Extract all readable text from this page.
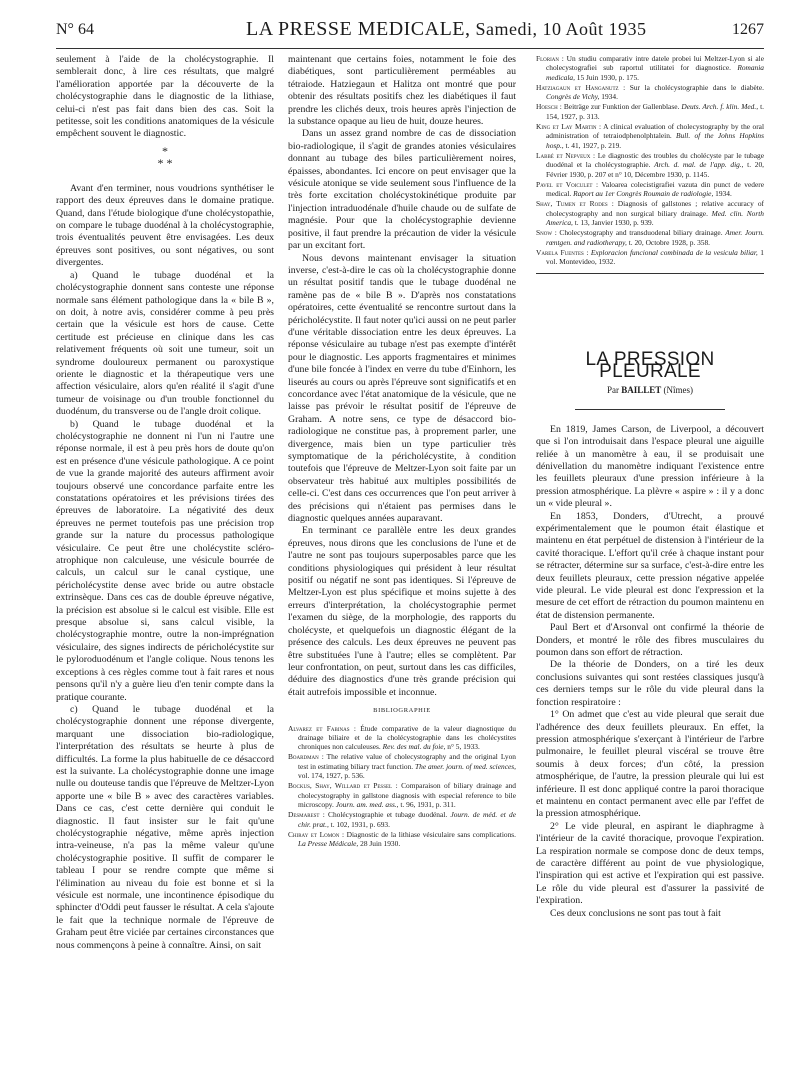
N° 64	LA PRESSE MEDICALE, Samedi, 10 Août 1935	1267

seulement à l'aide de la cholécystographie. Il semblerait donc, à lire ces résultats, que malgré l'amélioration apportée par la découverte de la cholécystographie dans le diagnostic de la lithiase, celui-ci n'est pas fait dans bien des cas. Soit la petitesse, soit les conditions anatomiques de la vésicule empêchent souvent le diagnostic.

*
* *

Avant d'en terminer, nous voudrions synthétiser le rapport des deux épreuves dans le domaine pratique. Quand, dans l'étude biologique d'une cholécystopathie, on compare le tubage duodénal à la cholécystographie, trois éventualités peuvent être envisagées. Les deux épreuves sont positives, ou sont négatives, ou sont divergentes.

a) Quand le tubage duodénal et la cholécystographie donnent sans conteste une réponse normale sans élément pathologique dans la « bile B », on doit, à notre avis, considérer comme à peu près certain que la vésicule est hors de cause. Cette certitude est précieuse en clinique dans les cas relativement fréquents où soit une tumeur, soit un syndrome douloureux permanent ou paroxystique oriente le diagnostic et la thérapeutique vers une affection vésiculaire, alors qu'en réalité il s'agit d'une tumeur de voisinage ou d'un trouble fonctionnel du duodénum, du transverse ou de l'angle droit colique.

b) Quand le tubage duodénal et la cholécystographie ne donnent ni l'un ni l'autre une réponse normale, il est à peu près hors de doute qu'on est en présence d'une vésicule pathologique. A ce point de vue la grande majorité des auteurs affirment avoir toujours observé une concordance parfaite entre les constatations opératoires et les prévisions tirées des épreuves de laboratoire. La négativité des deux épreuves ne permet toutefois pas une précision trop grande sur la nature du processus pathologique vésiculaire. Ce peut être une cholécystite scléro-atrophique non calculeuse, une vésicule bourrée de calculs, un calcul sur le canal cystique, une péricholécystite dense avec bride ou autre obstacle extrinsèque. Dans ces cas de double épreuve négative, la précision est absolue si le calcul est visible. Elle est presque absolue si, sans calcul visible, la cholécystographie montre, outre la non-imprégnation vésiculaire, des signes indirects de péricholécystite sur le pyloroduodénum et l'angle colique. Nous tenons les exceptions à ces règles comme tout à fait rares et nous pensons qu'il n'y a guère lieu d'en tenir compte dans la pratique courante.

c) Quand le tubage duodénal et la cholécystographie donnent une réponse divergente, marquant une dissociation bio-radiologique, l'interprétation des résultats se heurte à plus de difficultés. La forme la plus habituelle de ce désaccord est la suivante. La cholécystographie donne une image nulle ou douteuse tandis que l'épreuve de Meltzer-Lyon apporte une « bile B » avec des caractères variables. Dans ce cas, c'est cette dernière qui conduit le diagnostic. Il faut insister sur le fait qu'une cholécystographie négative, même après injection intra-veineuse, n'a pas la même valeur qu'une cholécystographie positive. Il suffit de comparer le tableau I pour se rendre compte que même si l'élimination au niveau du foie est bonne et si la vésicule est normale, une incontinence épisodique du sphincter d'Oddi peut fausser le résultat. A cela s'ajoute le fait que la technique normale de l'épreuve de Graham peut être viciée par certaines circonstances que nous commençons à peine à connaître. Ainsi, on sait

maintenant que certains foies, notamment le foie des diabétiques, sont particulièrement perméables au tétraiode. Hatziegaun et Halitza ont montré que pour obtenir des résultats positifs chez les diabétiques il faut prendre les clichés deux, trois heures après l'injection de la substance opaque au lieu de huit, douze heures.

Dans un assez grand nombre de cas de dissociation bio-radiologique, il s'agit de grandes atonies vésiculaires donnant au tubage des biles particulièrement noires, épaisses, abondantes. Ici encore on peut envisager que la vésicule atonique se vide seulement sous l'influence de la très forte excitation cholécystokinétique produite par l'injection intraduodénale d'huile chaude ou de sulfate de magnésie. Pour que la cholécystographie devienne positive, il faut prendre la précaution de vider la vésicule par un excitant fort.

Nous devons maintenant envisager la situation inverse, c'est-à-dire le cas où la cholécystographie donne un résultat positif tandis que le tubage duodénal ne ramène pas de « bile B ». D'après nos constatations opératoires, cette éventualité se rencontre surtout dans la péricholécystite. Il faut noter qu'ici aussi on ne peut parler d'une véritable dissociation entre les deux épreuves. La réponse vésiculaire au tubage n'est pas exempte d'intérêt pour le diagnostic. Les apports fragmentaires et minimes d'une bile foncée à l'index en verre du tube d'Einhorn, les liseurés au cours ou après l'épreuve sont significatifs et en concordance avec l'état anatomique de la vésicule, que ne laisse pas prévoir le résultat positif de l'épreuve de Graham. A notre sens, ce type de désaccord bio-radiologique ne constitue pas, à proprement parler, une divergence, mais bien un type particulier très symptomatique de la péricholécystite, à condition toutefois que l'épreuve de Meltzer-Lyon soit faite par un observateur très habitué aux multiples possibilités de celle-ci. C'est dans ces occurrences que l'on peut arriver à des précisions qui n'étaient pas permises dans le diagnostic quelques années auparavant.

En terminant ce parallèle entre les deux grandes épreuves, nous dirons que les conclusions de l'une et de l'autre ne sont pas toujours superposables parce que les conditions physiologiques qui président à leur résultat positif ou négatif ne sont pas identiques. Si l'épreuve de Meltzer-Lyon est plus spécifique et moins sujette à des erreurs d'interprétation, la cholécystographie permet l'examen du siège, de la morphologie, des rapports du cholécyste, et quelquefois un diagnostic élégant de la présence des calculs. Les deux épreuves ne peuvent pas être substituées l'une à l'autre; elles se complètent. Par leur confrontation, on peut, surtout dans les cas difficiles, déduire des diagnostics d'une très grande précision qui était autrefois impossible et inconnue.

BIBLIOGRAPHIE
Alvarez et Fabinas : Étude comparative de la valeur diagnostique du drainage biliaire et de la cholécystographie dans les cholécystites chroniques non calculeuses. Rev. des mal. du foie, n° 5, 1933.
Boardman : The relative value of cholecystography and the original Lyon test in estimating biliary tract function. The amer. journ. of med. sciences, vol. 174, 1927, p. 536.
Bockus, Shay, Willard et Pessel : Comparaison of biliary drainage and cholecystography in gallstone diagnosis with especial reference to bile microscopy. Journ. am. med. ass., t. 96, 1931, p. 311.
Desmarest : Cholécystographie et tubage duodénal. Journ. de méd. et de chir. prat., t. 102, 1931, p. 693.
Chiray et Lomon : Diagnostic de la lithiase vésiculaire sans complications. La Presse Médicale, 28 Juin 1930.
Florian : Un studiu comparativ intre datele probei lui Meltzer-Lyon si ale cholecystografiei sub raportul utilitatei for diagnostice. Romania medicala, 15 Juin 1930, p. 175.
Hatziagaun et Hanganutz : Sur la cholécystographie dans le diabète. Congrès de Vichy, 1934.
Hoesch : Beiträge zur Funktion der Gallenblase. Deuts. Arch. f. klin. Med., t. 154, 1927, p. 313.
King et Lay Martin : A clinical evaluation of cholecystography by the oral administration of tetraiodphenolphtalein. Bull. of the Johns Hopkins hosp., t. 41, 1927, p. 219.
Labbé et Nepveux : Le diagnostic des troubles du cholécyste par le tubage duodénal et la cholécystographie. Arch. d. mal. de l'app. dig., t. 20, Février 1930, p. 207 et n° 10, Décembre 1930, p. 1145.
Pavel et Voiculet : Valoarea colecistigrafiei vazuta din punct de vedere medical. Raport au 1er Congrès Roumain de radiologie, 1934.
Shay, Tumen et Rodes : Diagnosis of gallstones ; relative accuracy of cholecystography and non surgical biliary drainage. Med. clin. North America, t. 13, Janvier 1930, p. 939.
Snow : Cholecystography and transduodenal biliary drainage. Amer. Journ. rœntgen. and radiotherapy, t. 20, Octobre 1928, p. 358.
Varela Fuentes : Exploracion funcional combinada de la vesicula biliar, 1 vol. Montevideo, 1932.
LA PRESSION PLEURALE
Par BAILLET (Nîmes)

En 1819, James Carson, de Liverpool, a découvert que si l'on introduisait dans l'espace pleural une aiguille reliée à un manomètre à eau, il se produisait une dénivellation du manomètre indiquant l'existence entre les feuillets pleuraux d'une pression inférieure à la pression atmosphérique. La plèvre « aspire » : il y a donc un « vide pleural ».

En 1853, Donders, d'Utrecht, a prouvé expérimentalement que le poumon était élastique et maintenu en état perpétuel de distension à l'intérieur de la cavité thoracique. L'effort qu'il crée à chaque instant pour se rétracter, détermine sur sa surface, c'est-à-dire entre les deux feuillets pleuraux, cette pression négative appelée vide pleural. Le vide pleural est donc l'expression et la mesure de cet effort de rétraction du poumon maintenu en état de distension permanente.

Paul Bert et d'Arsonval ont confirmé la théorie de Donders, et montré le rôle des fibres musculaires du poumon dans son effort de rétraction.

De la théorie de Donders, on a tiré les deux conclusions suivantes qui sont restées classiques jusqu'à ces derniers temps sur le rôle du vide pleural dans la fonction respiratoire :

1° On admet que c'est au vide pleural que serait due l'adhérence des deux feuillets pleuraux. En effet, la pression atmosphérique s'exerçant à l'intérieur de l'arbre pulmonaire, le feuillet pleural viscéral se trouve être soumis à deux forces; d'un côté, la pression atmosphérique, de l'autre, la pression pleurale qui lui est inférieure. Il est donc appliqué contre la paroi thoracique et maintenu en contact permanent avec elle par l'effet de la pression atmosphérique.

2° Le vide pleural, en aspirant le diaphragme à l'intérieur de la cavité thoracique, provoque l'expiration. La respiration normale se compose donc de deux temps, de caractère différent au point de vue physiologique, l'inspiration qui est active et l'expiration qui est passive. Le rôle du vide pleural est d'assurer la passivité de l'expiration.

Ces deux conclusions ne sont pas tout à fait
